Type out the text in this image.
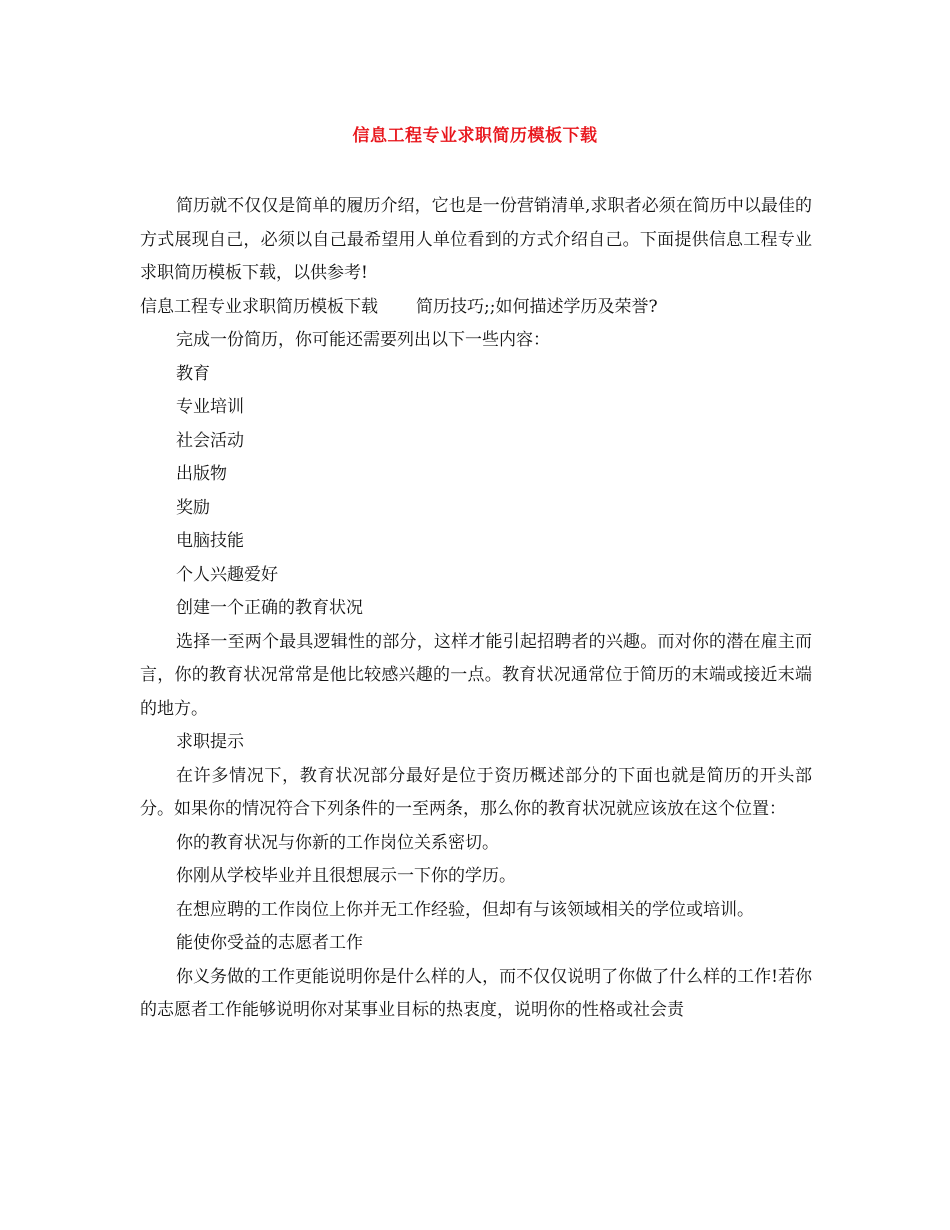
信息工程专业求职简历模板下载

简历就不仅仅是简单的履历介绍，它也是一份营销清单,求职者必须在简历中以最佳的方式展现自己，必须以自己最希望用人单位看到的方式介绍自己。下面提供信息工程专业求职简历模板下载，以供参考!

信息工程专业求职简历模板下载 简历技巧;;如何描述学历及荣誉?

完成一份简历，你可能还需要列出以下一些内容：

教育

专业培训

社会活动

出版物

奖励

电脑技能

个人兴趣爱好

创建一个正确的教育状况

选择一至两个最具逻辑性的部分，这样才能引起招聘者的兴趣。而对你的潜在雇主而言，你的教育状况常常是他比较感兴趣的一点。教育状况通常位于简历的末端或接近末端的地方。

求职提示

在许多情况下，教育状况部分最好是位于资历概述部分的下面也就是简历的开头部分。如果你的情况符合下列条件的一至两条，那么你的教育状况就应该放在这个位置：

你的教育状况与你新的工作岗位关系密切。

你刚从学校毕业并且很想展示一下你的学历。

在想应聘的工作岗位上你并无工作经验，但却有与该领域相关的学位或培训。

能使你受益的志愿者工作

你义务做的工作更能说明你是什么样的人，而不仅仅说明了你做了什么样的工作!若你的志愿者工作能够说明你对某事业目标的热衷度，说明你的性格或社会责
